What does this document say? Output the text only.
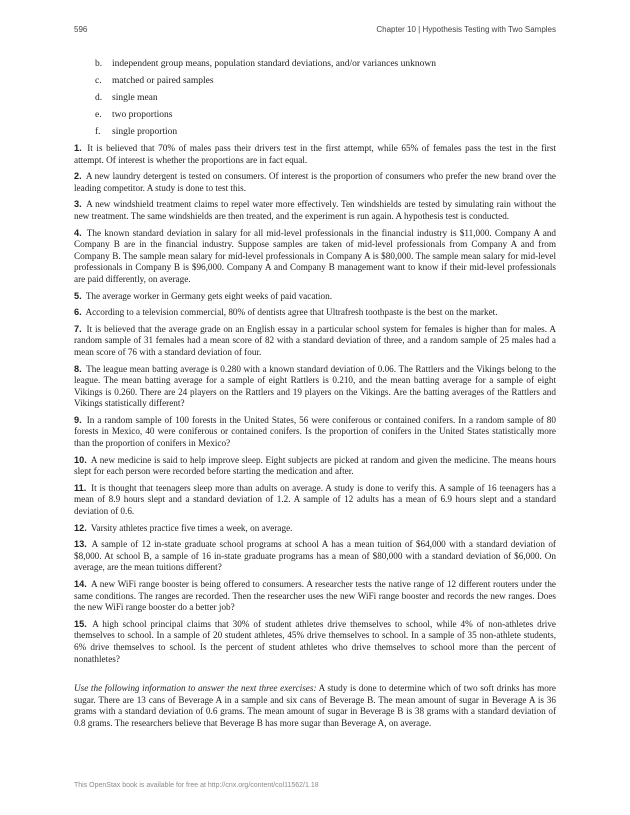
596	Chapter 10 | Hypothesis Testing with Two Samples
b. independent group means, population standard deviations, and/or variances unknown
c. matched or paired samples
d. single mean
e. two proportions
f. single proportion

1. It is believed that 70% of males pass their drivers test in the first attempt, while 65% of females pass the test in the first attempt. Of interest is whether the proportions are in fact equal.

2. A new laundry detergent is tested on consumers. Of interest is the proportion of consumers who prefer the new brand over the leading competitor. A study is done to test this.

3. A new windshield treatment claims to repel water more effectively. Ten windshields are tested by simulating rain without the new treatment. The same windshields are then treated, and the experiment is run again. A hypothesis test is conducted.

4. The known standard deviation in salary for all mid-level professionals in the financial industry is $11,000. Company A and Company B are in the financial industry. Suppose samples are taken of mid-level professionals from Company A and from Company B. The sample mean salary for mid-level professionals in Company A is $80,000. The sample mean salary for mid-level professionals in Company B is $96,000. Company A and Company B management want to know if their mid-level professionals are paid differently, on average.

5. The average worker in Germany gets eight weeks of paid vacation.

6. According to a television commercial, 80% of dentists agree that Ultrafresh toothpaste is the best on the market.

7. It is believed that the average grade on an English essay in a particular school system for females is higher than for males. A random sample of 31 females had a mean score of 82 with a standard deviation of three, and a random sample of 25 males had a mean score of 76 with a standard deviation of four.

8. The league mean batting average is 0.280 with a known standard deviation of 0.06. The Rattlers and the Vikings belong to the league. The mean batting average for a sample of eight Rattlers is 0.210, and the mean batting average for a sample of eight Vikings is 0.260. There are 24 players on the Rattlers and 19 players on the Vikings. Are the batting averages of the Rattlers and Vikings statistically different?

9. In a random sample of 100 forests in the United States, 56 were coniferous or contained conifers. In a random sample of 80 forests in Mexico, 40 were coniferous or contained conifers. Is the proportion of conifers in the United States statistically more than the proportion of conifers in Mexico?

10. A new medicine is said to help improve sleep. Eight subjects are picked at random and given the medicine. The means hours slept for each person were recorded before starting the medication and after.

11. It is thought that teenagers sleep more than adults on average. A study is done to verify this. A sample of 16 teenagers has a mean of 8.9 hours slept and a standard deviation of 1.2. A sample of 12 adults has a mean of 6.9 hours slept and a standard deviation of 0.6.

12. Varsity athletes practice five times a week, on average.

13. A sample of 12 in-state graduate school programs at school A has a mean tuition of $64,000 with a standard deviation of $8,000. At school B, a sample of 16 in-state graduate programs has a mean of $80,000 with a standard deviation of $6,000. On average, are the mean tuitions different?

14. A new WiFi range booster is being offered to consumers. A researcher tests the native range of 12 different routers under the same conditions. The ranges are recorded. Then the researcher uses the new WiFi range booster and records the new ranges. Does the new WiFi range booster do a better job?

15. A high school principal claims that 30% of student athletes drive themselves to school, while 4% of non-athletes drive themselves to school. In a sample of 20 student athletes, 45% drive themselves to school. In a sample of 35 non-athlete students, 6% drive themselves to school. Is the percent of student athletes who drive themselves to school more than the percent of nonathletes?

Use the following information to answer the next three exercises: A study is done to determine which of two soft drinks has more sugar. There are 13 cans of Beverage A in a sample and six cans of Beverage B. The mean amount of sugar in Beverage A is 36 grams with a standard deviation of 0.6 grams. The mean amount of sugar in Beverage B is 38 grams with a standard deviation of 0.8 grams. The researchers believe that Beverage B has more sugar than Beverage A, on average.

This OpenStax book is available for free at http://cnx.org/content/col11562/1.18
